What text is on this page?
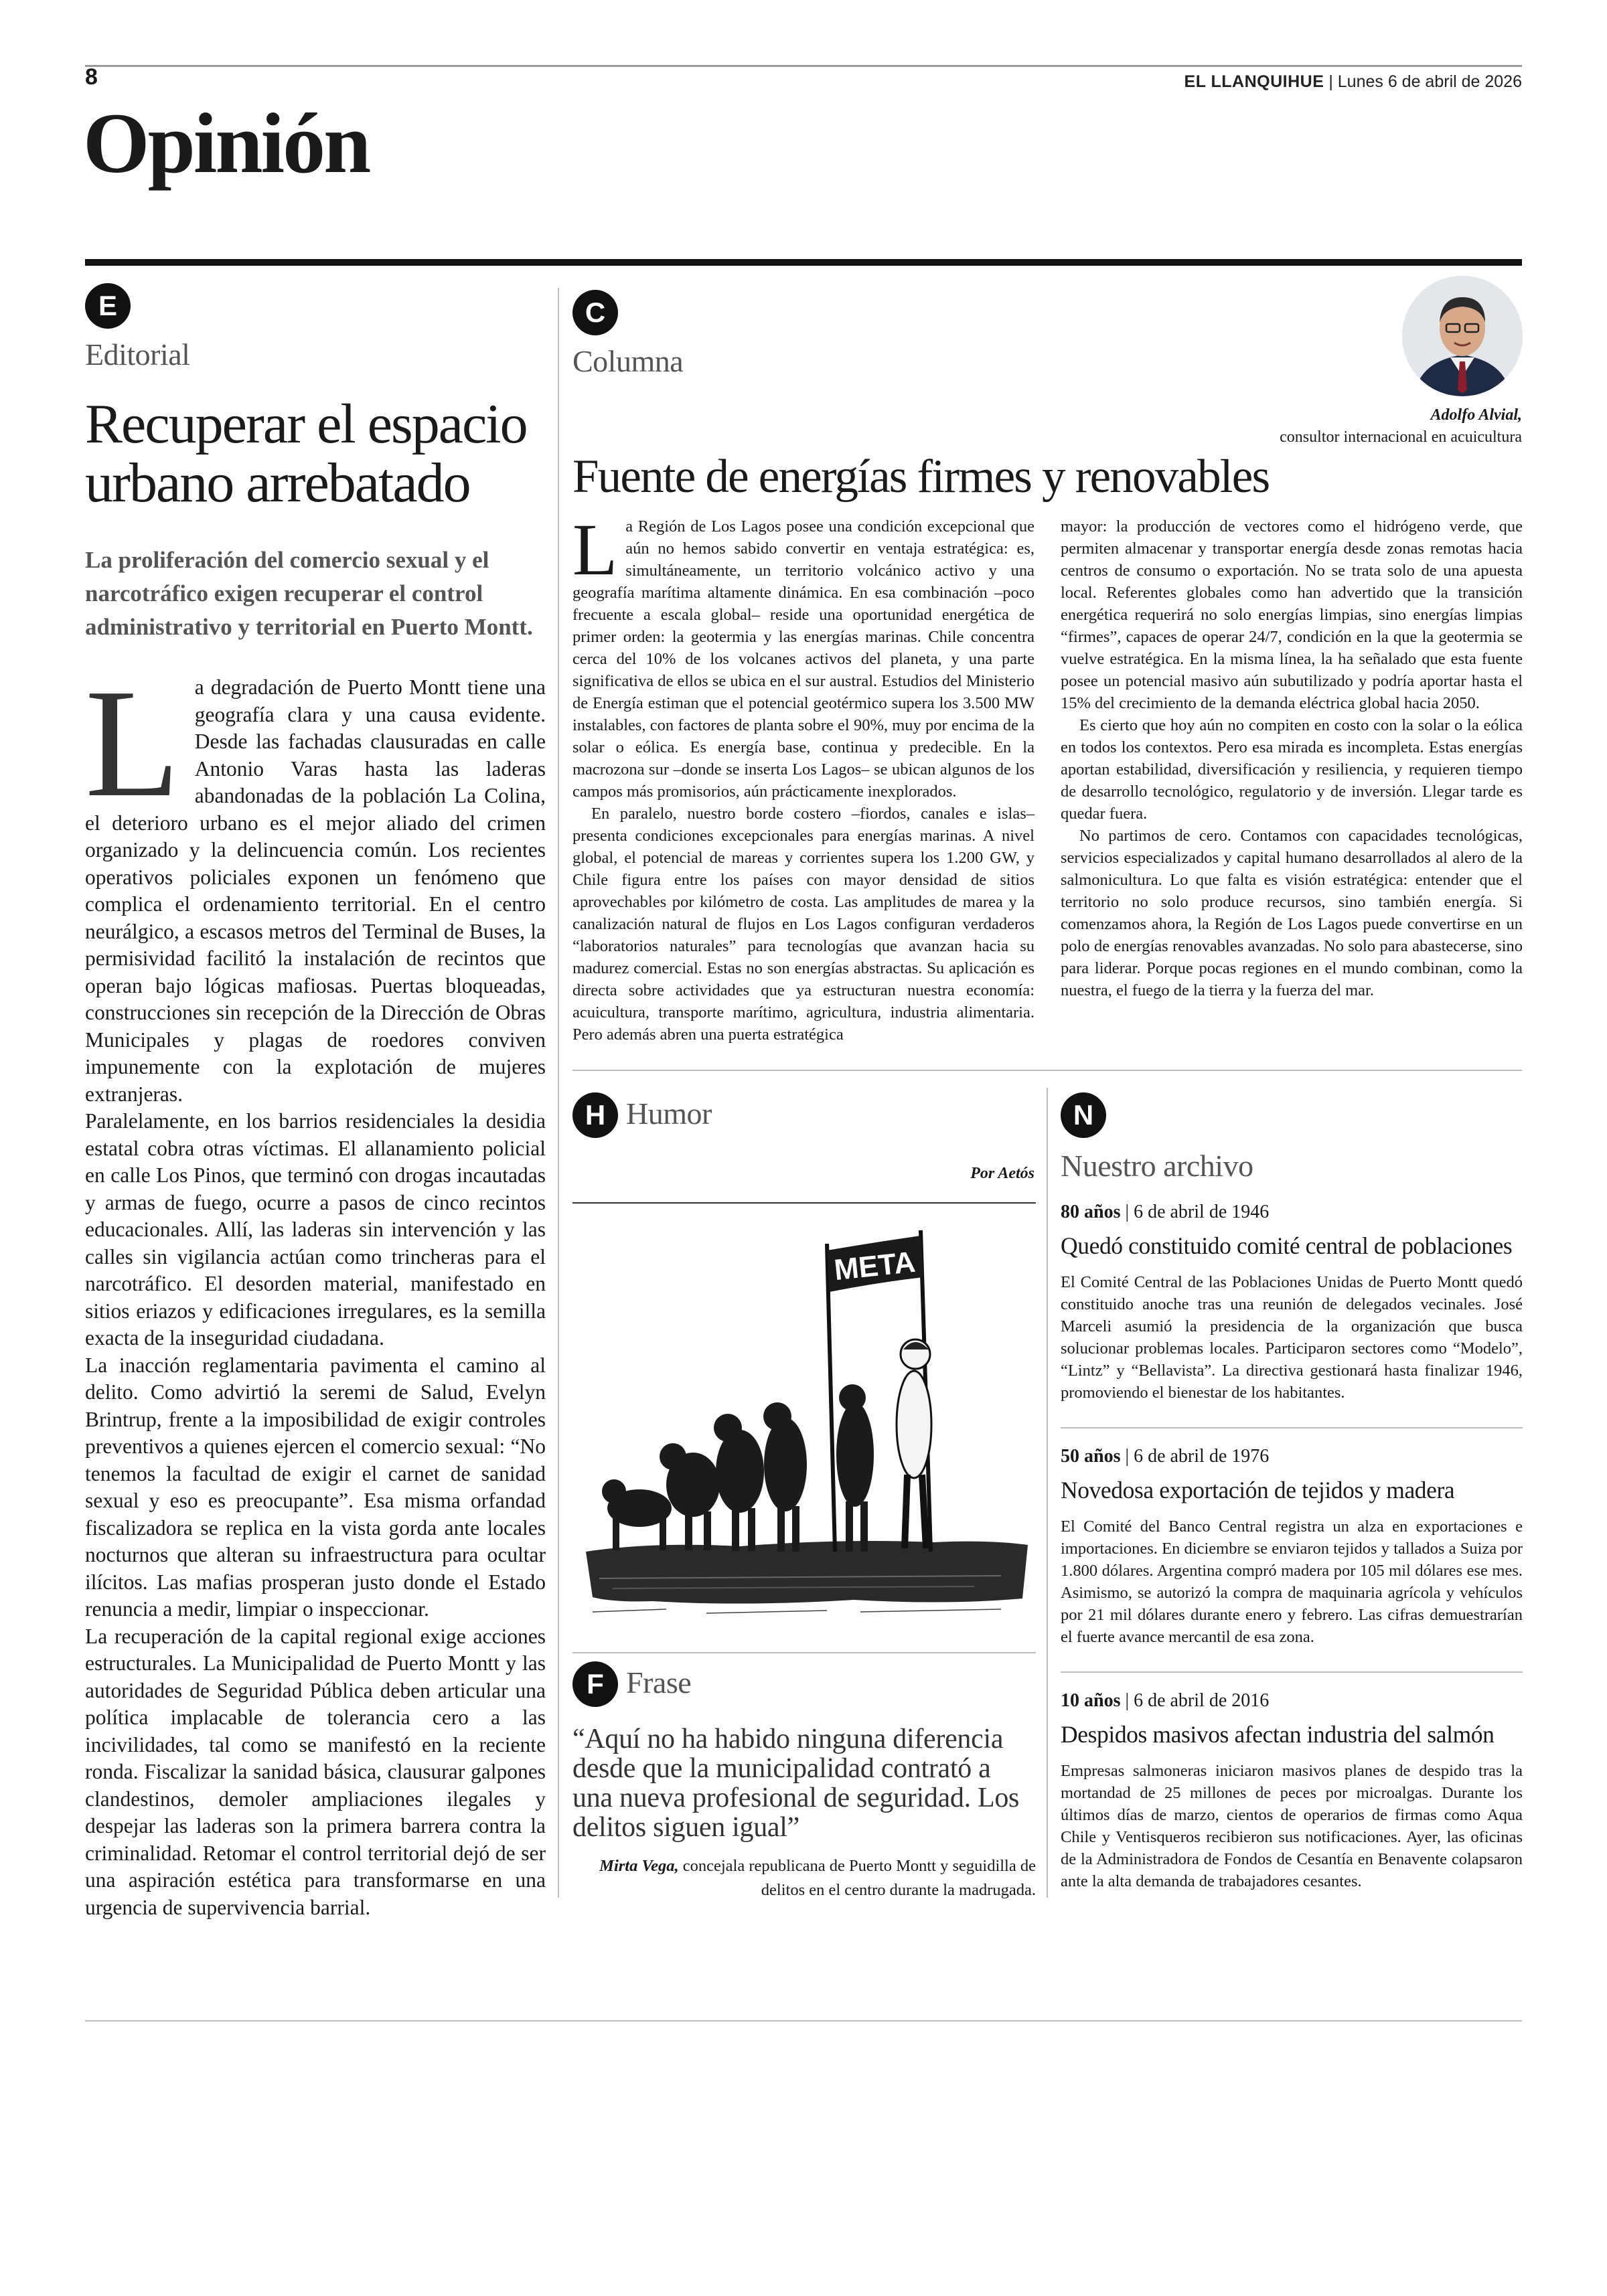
8	EL LLANQUIHUE | Lunes 6 de abril de 2026
Opinión
E
Editorial
Recuperar el espacio
urbano arrebatado
La proliferación del comercio sexual y el narcotráfico exigen recuperar el control administrativo y territorial en Puerto Montt.

La degradación de Puerto Montt tiene una geografía clara y una causa evidente. Desde las fachadas clausuradas en calle Antonio Varas hasta las laderas abandonadas de la población La Colina, el deterioro urbano es el mejor aliado del crimen organizado y la delincuencia común. Los recientes operativos policiales exponen un fenómeno que complica el ordenamiento territorial. En el centro neurálgico, a escasos metros del Terminal de Buses, la permisividad facilitó la instalación de recintos que operan bajo lógicas mafiosas. Puertas bloqueadas, construcciones sin recepción de la Dirección de Obras Municipales y plagas de roedores conviven impunemente con la explotación de mujeres extranjeras.

Paralelamente, en los barrios residenciales la desidia estatal cobra otras víctimas. El allanamiento policial en calle Los Pinos, que terminó con drogas incautadas y armas de fuego, ocurre a pasos de cinco recintos educacionales. Allí, las laderas sin intervención y las calles sin vigilancia actúan como trincheras para el narcotráfico. El desorden material, manifestado en sitios eriazos y edificaciones irregulares, es la semilla exacta de la inseguridad ciudadana.

La inacción reglamentaria pavimenta el camino al delito. Como advirtió la seremi de Salud, Evelyn Brintrup, frente a la imposibilidad de exigir controles preventivos a quienes ejercen el comercio sexual: “No tenemos la facultad de exigir el carnet de sanidad sexual y eso es preocupante”. Esa misma orfandad fiscalizadora se replica en la vista gorda ante locales nocturnos que alteran su infraestructura para ocultar ilícitos. Las mafias prosperan justo donde el Estado renuncia a medir, limpiar o inspeccionar.

La recuperación de la capital regional exige acciones estructurales. La Municipalidad de Puerto Montt y las autoridades de Seguridad Pública deben articular una política implacable de tolerancia cero a las incivilidades, tal como se manifestó en la reciente ronda. Fiscalizar la sanidad básica, clausurar galpones clandestinos, demoler ampliaciones ilegales y despejar las laderas son la primera barrera contra la criminalidad. Retomar el control territorial dejó de ser una aspiración estética para transformarse en una urgencia de supervivencia barrial.

C
Columna
Adolfo Alvial,
consultor internacional en acuicultura
Fuente de energías firmes y renovables

La Región de Los Lagos posee una condición excepcional que aún no hemos sabido convertir en ventaja estratégica: es, simultáneamente, un territorio volcánico activo y una geografía marítima altamente dinámica. En esa combinación –poco frecuente a escala global– reside una oportunidad energética de primer orden: la geotermia y las energías marinas. Chile concentra cerca del 10% de los volcanes activos del planeta, y una parte significativa de ellos se ubica en el sur austral. Estudios del Ministerio de Energía estiman que el potencial geotérmico supera los 3.500 MW instalables, con factores de planta sobre el 90%, muy por encima de la solar o eólica. Es energía base, continua y predecible. En la macrozona sur –donde se inserta Los Lagos– se ubican algunos de los campos más promisorios, aún prácticamente inexplorados.

En paralelo, nuestro borde costero –fiordos, canales e islas– presenta condiciones excepcionales para energías marinas. A nivel global, el potencial de mareas y corrientes supera los 1.200 GW, y Chile figura entre los países con mayor densidad de sitios aprovechables por kilómetro de costa. Las amplitudes de marea y la canalización natural de flujos en Los Lagos configuran verdaderos “laboratorios naturales” para tecnologías que avanzan hacia su madurez comercial. Estas no son energías abstractas. Su aplicación es directa sobre actividades que ya estructuran nuestra economía: acuicultura, transporte marítimo, agricultura, industria alimentaria. Pero además abren una puerta estratégica

mayor: la producción de vectores como el hidrógeno verde, que permiten almacenar y transportar energía desde zonas remotas hacia centros de consumo o exportación. No se trata solo de una apuesta local. Referentes globales como han advertido que la transición energética requerirá no solo energías limpias, sino energías limpias “firmes”, capaces de operar 24/7, condición en la que la geotermia se vuelve estratégica. En la misma línea, la ha señalado que esta fuente posee un potencial masivo aún subutilizado y podría aportar hasta el 15% del crecimiento de la demanda eléctrica global hacia 2050.

Es cierto que hoy aún no compiten en costo con la solar o la eólica en todos los contextos. Pero esa mirada es incompleta. Estas energías aportan estabilidad, diversificación y resiliencia, y requieren tiempo de desarrollo tecnológico, regulatorio y de inversión. Llegar tarde es quedar fuera.

No partimos de cero. Contamos con capacidades tecnológicas, servicios especializados y capital humano desarrollados al alero de la salmonicultura. Lo que falta es visión estratégica: entender que el territorio no solo produce recursos, sino también energía. Si comenzamos ahora, la Región de Los Lagos puede convertirse en un polo de energías renovables avanzadas. No solo para abastecerse, sino para liderar. Porque pocas regiones en el mundo combinan, como la nuestra, el fuego de la tierra y la fuerza del mar.

H Humor
Por Aetós
META
F Frase
“Aquí no ha habido ninguna diferencia desde que la municipalidad contrató a una nueva profesional de seguridad. Los delitos siguen igual”
Mirta Vega, concejala republicana de Puerto Montt y seguidilla de delitos en el centro durante la madrugada.
N
Nuestro archivo
80 años | 6 de abril de 1946
Quedó constituido comité central de poblaciones
El Comité Central de las Poblaciones Unidas de Puerto Montt quedó constituido anoche tras una reunión de delegados vecinales. José Marceli asumió la presidencia de la organización que busca solucionar problemas locales. Participaron sectores como “Modelo”, “Lintz” y “Bellavista”. La directiva gestionará hasta finalizar 1946, promoviendo el bienestar de los habitantes.
50 años | 6 de abril de 1976
Novedosa exportación de tejidos y madera
El Comité del Banco Central registra un alza en exportaciones e importaciones. En diciembre se enviaron tejidos y tallados a Suiza por 1.800 dólares. Argentina compró madera por 105 mil dólares ese mes. Asimismo, se autorizó la compra de maquinaria agrícola y vehículos por 21 mil dólares durante enero y febrero. Las cifras demuestrarían el fuerte avance mercantil de esa zona.
10 años | 6 de abril de 2016
Despidos masivos afectan industria del salmón
Empresas salmoneras iniciaron masivos planes de despido tras la mortandad de 25 millones de peces por microalgas. Durante los últimos días de marzo, cientos de operarios de firmas como Aqua Chile y Ventisqueros recibieron sus notificaciones. Ayer, las oficinas de la Administradora de Fondos de Cesantía en Benavente colapsaron ante la alta demanda de trabajadores cesantes.
